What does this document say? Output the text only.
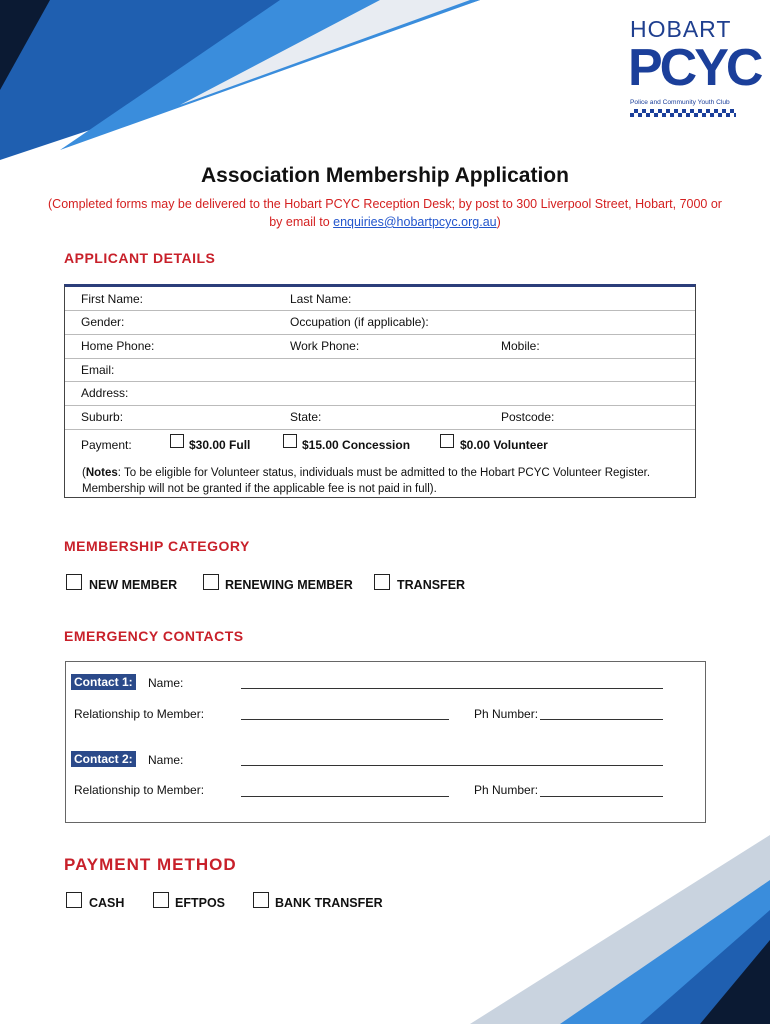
HOBART
PCYC
Police and Community Youth Club
Association Membership Application
(Completed forms may be delivered to the Hobart PCYC Reception Desk; by post to 300 Liverpool Street, Hobart, 7000 or by email to enquiries@hobartpcyc.org.au)
APPLICANT DETAILS
First Name:	Last Name:
Gender:	Occupation (if applicable):
Home Phone:	Work Phone:	Mobile:
Email:
Address:
Suburb:	State:	Postcode:
Payment:	$30.00 Full	$15.00 Concession	$0.00 Volunteer
(Notes: To be eligible for Volunteer status, individuals must be admitted to the Hobart PCYC Volunteer Register. Membership will not be granted if the applicable fee is not paid in full).
MEMBERSHIP CATEGORY
NEW MEMBER	RENEWING MEMBER	TRANSFER
EMERGENCY CONTACTS
Contact 1: Name:
Relationship to Member:	Ph Number:
Contact 2: Name:
Relationship to Member:	Ph Number:
PAYMENT METHOD
CASH	EFTPOS	BANK TRANSFER
